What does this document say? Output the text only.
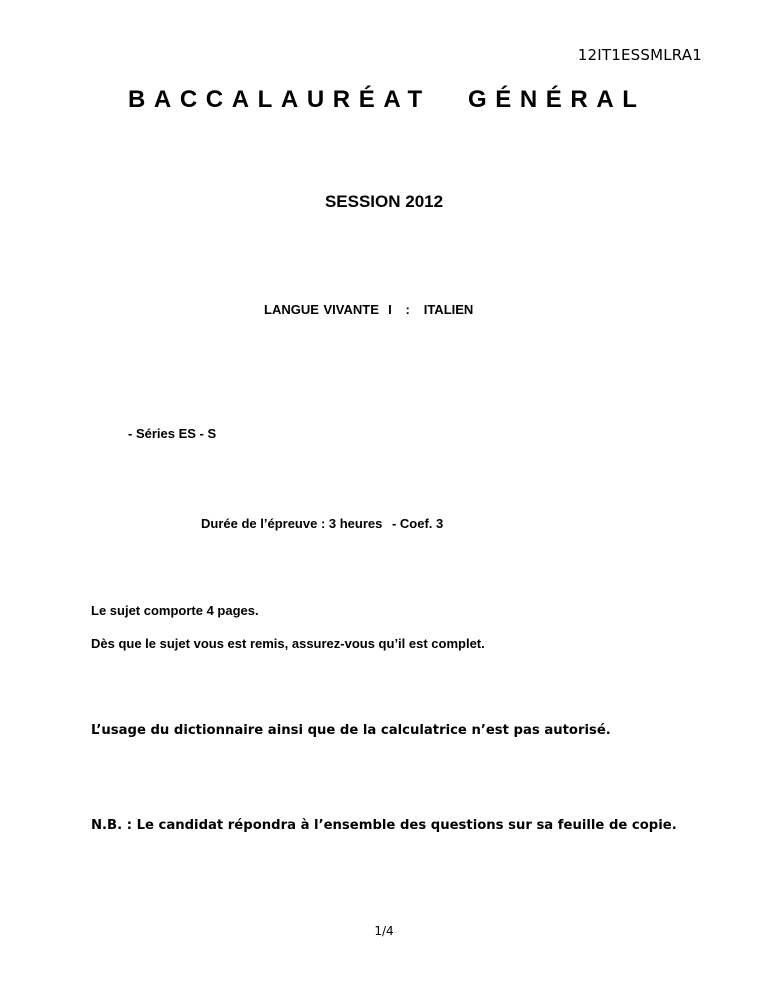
12IT1ESSMLRA1
BACCALAURÉAT GÉNÉRAL
SESSION 2012
LANGUE VIVANTE  I   :   ITALIEN
- Séries ES - S
Durée de l’épreuve : 3 heures - Coef. 3
Le sujet comporte 4 pages.
Dès que le sujet vous est remis, assurez-vous qu’il est complet.
L’usage du dictionnaire ainsi que de la calculatrice n’est pas autorisé.
N.B. : Le candidat répondra à l’ensemble des questions sur sa feuille de copie.
1/4
